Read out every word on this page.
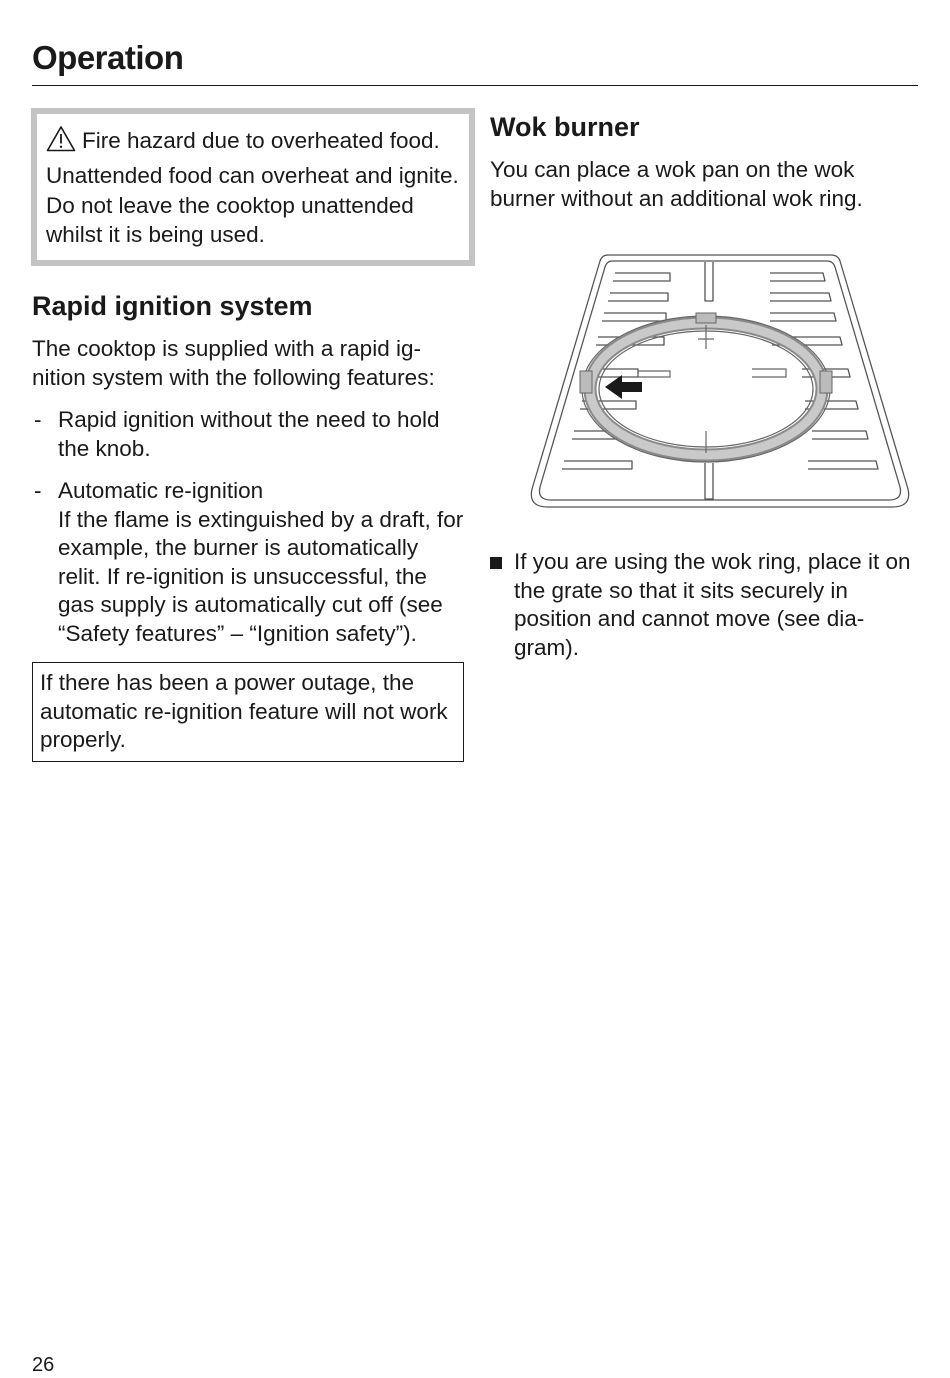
Operation

Fire hazard due to overheated food.

Unattended food can overheat and ignite.

Do not leave the cooktop unattended whilst it is being used.

Rapid ignition system

The cooktop is supplied with a rapid ignition system with the following features:

- Rapid ignition without the need to hold the knob.
- Automatic re-ignition
If the flame is extinguished by a draft, for example, the burner is automatically relit. If re-ignition is unsuccessful, the gas supply is automatically cut off (see “Safety features” – “Ignition safety”).

If there has been a power outage, the automatic re-ignition feature will not work properly.

Wok burner

You can place a wok pan on the wok burner without an additional wok ring.

If you are using the wok ring, place it on the grate so that it sits securely in position and cannot move (see diagram).
26
